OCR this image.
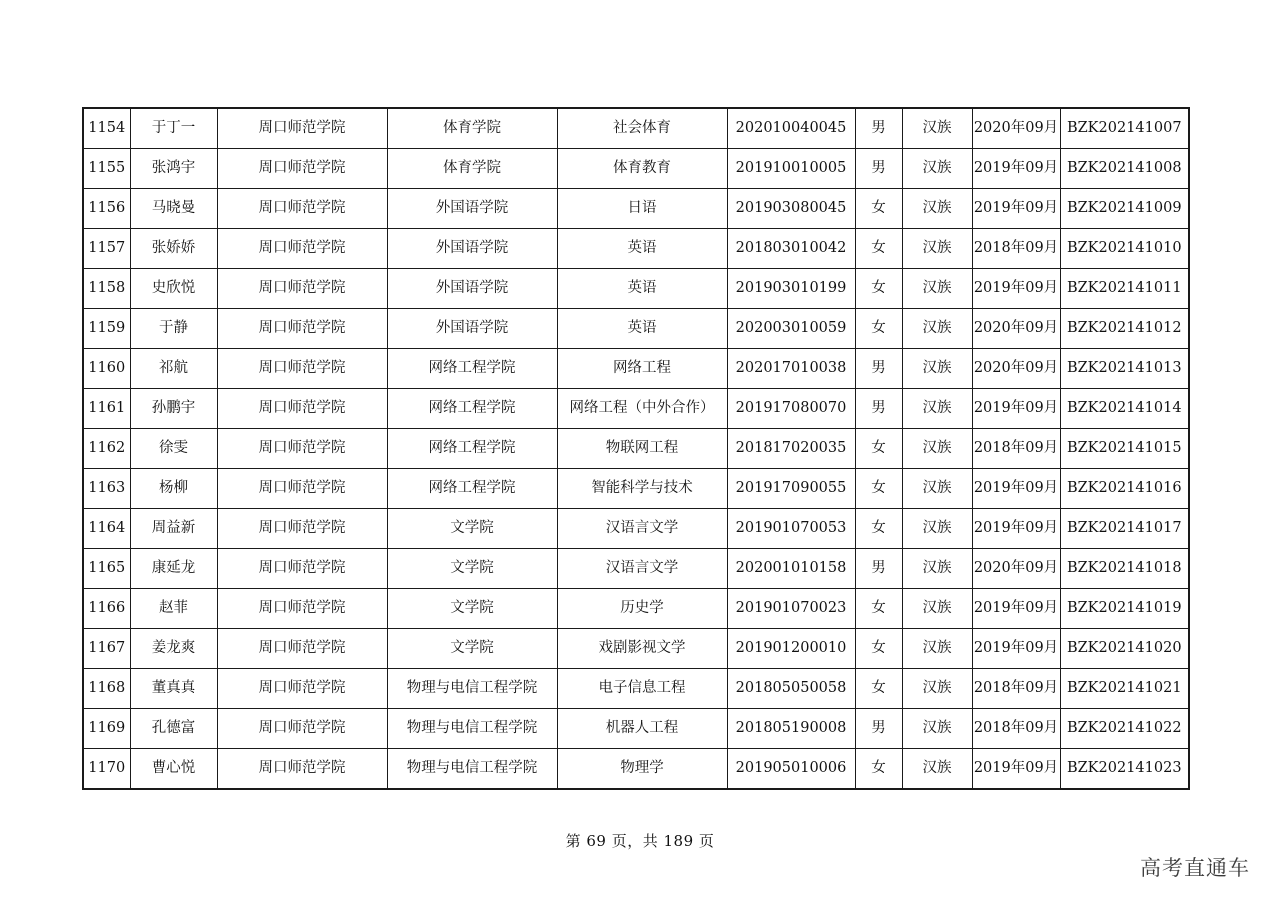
1154	于丁一	周口师范学院	体育学院	社会体育	202010040045	男	汉族	2020年09月	BZK202141007
1155	张鸿宇	周口师范学院	体育学院	体育教育	201910010005	男	汉族	2019年09月	BZK202141008
1156	马晓曼	周口师范学院	外国语学院	日语	201903080045	女	汉族	2019年09月	BZK202141009
1157	张娇娇	周口师范学院	外国语学院	英语	201803010042	女	汉族	2018年09月	BZK202141010
1158	史欣悦	周口师范学院	外国语学院	英语	201903010199	女	汉族	2019年09月	BZK202141011
1159	于静	周口师范学院	外国语学院	英语	202003010059	女	汉族	2020年09月	BZK202141012
1160	祁航	周口师范学院	网络工程学院	网络工程	202017010038	男	汉族	2020年09月	BZK202141013
1161	孙鹏宇	周口师范学院	网络工程学院	网络工程（中外合作）	201917080070	男	汉族	2019年09月	BZK202141014
1162	徐雯	周口师范学院	网络工程学院	物联网工程	201817020035	女	汉族	2018年09月	BZK202141015
1163	杨柳	周口师范学院	网络工程学院	智能科学与技术	201917090055	女	汉族	2019年09月	BZK202141016
1164	周益新	周口师范学院	文学院	汉语言文学	201901070053	女	汉族	2019年09月	BZK202141017
1165	康延龙	周口师范学院	文学院	汉语言文学	202001010158	男	汉族	2020年09月	BZK202141018
1166	赵菲	周口师范学院	文学院	历史学	201901070023	女	汉族	2019年09月	BZK202141019
1167	姜龙爽	周口师范学院	文学院	戏剧影视文学	201901200010	女	汉族	2019年09月	BZK202141020
1168	董真真	周口师范学院	物理与电信工程学院	电子信息工程	201805050058	女	汉族	2018年09月	BZK202141021
1169	孔德富	周口师范学院	物理与电信工程学院	机器人工程	201805190008	男	汉族	2018年09月	BZK202141022
1170	曹心悦	周口师范学院	物理与电信工程学院	物理学	201905010006	女	汉族	2019年09月	BZK202141023
第 69 页，共 189 页
高考直通车
